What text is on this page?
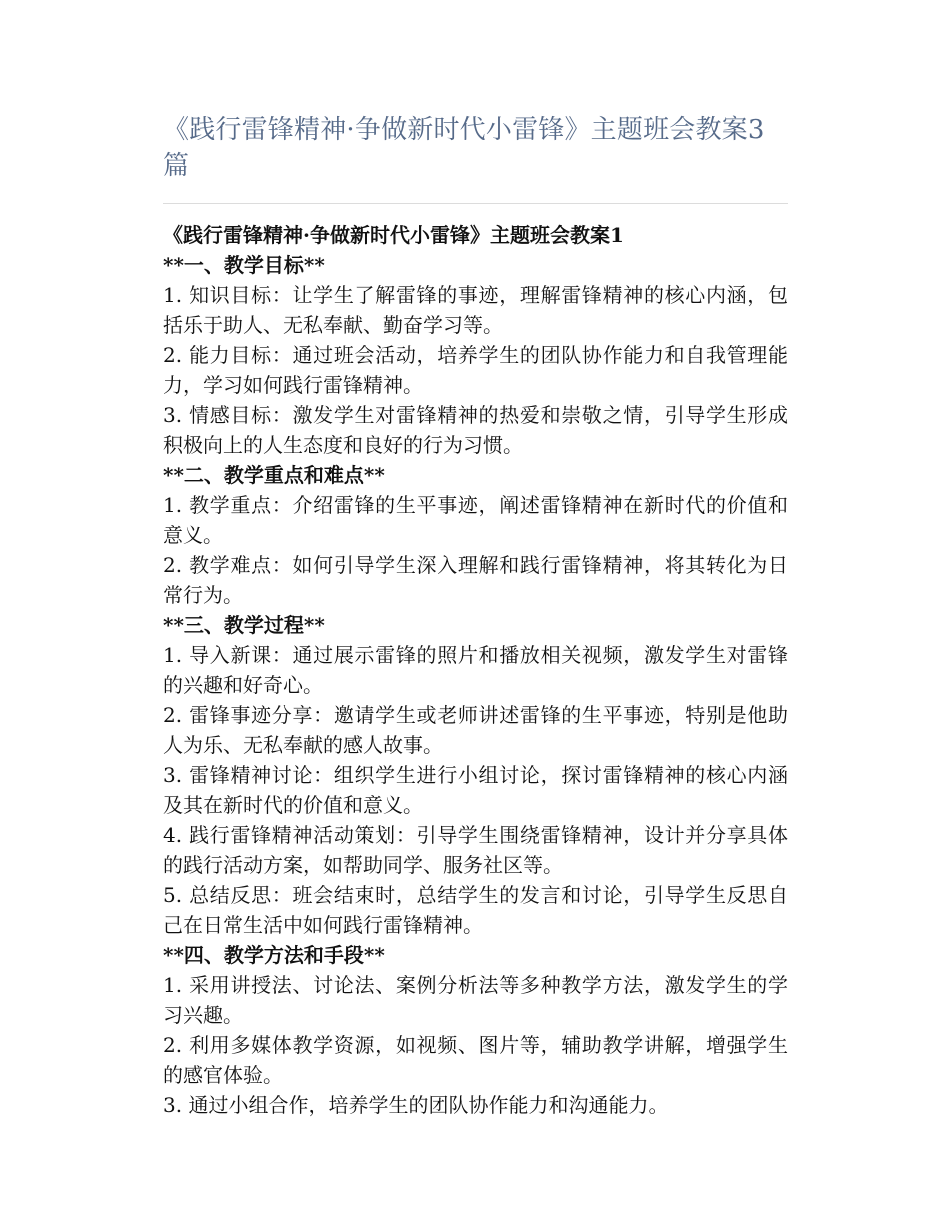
《践行雷锋精神·争做新时代小雷锋》主题班会教案3篇

《践行雷锋精神·争做新时代小雷锋》主题班会教案1

**一、教学目标**

1. 知识目标：让学生了解雷锋的事迹，理解雷锋精神的核心内涵，包括乐于助人、无私奉献、勤奋学习等。

2. 能力目标：通过班会活动，培养学生的团队协作能力和自我管理能力，学习如何践行雷锋精神。

3. 情感目标：激发学生对雷锋精神的热爱和崇敬之情，引导学生形成积极向上的人生态度和良好的行为习惯。

**二、教学重点和难点**

1. 教学重点：介绍雷锋的生平事迹，阐述雷锋精神在新时代的价值和意义。

2. 教学难点：如何引导学生深入理解和践行雷锋精神，将其转化为日常行为。

**三、教学过程**

1. 导入新课：通过展示雷锋的照片和播放相关视频，激发学生对雷锋的兴趣和好奇心。

2. 雷锋事迹分享：邀请学生或老师讲述雷锋的生平事迹，特别是他助人为乐、无私奉献的感人故事。

3. 雷锋精神讨论：组织学生进行小组讨论，探讨雷锋精神的核心内涵及其在新时代的价值和意义。

4. 践行雷锋精神活动策划：引导学生围绕雷锋精神，设计并分享具体的践行活动方案，如帮助同学、服务社区等。

5. 总结反思：班会结束时，总结学生的发言和讨论，引导学生反思自己在日常生活中如何践行雷锋精神。

**四、教学方法和手段**

1. 采用讲授法、讨论法、案例分析法等多种教学方法，激发学生的学习兴趣。

2. 利用多媒体教学资源，如视频、图片等，辅助教学讲解，增强学生的感官体验。

3. 通过小组合作，培养学生的团队协作能力和沟通能力。
